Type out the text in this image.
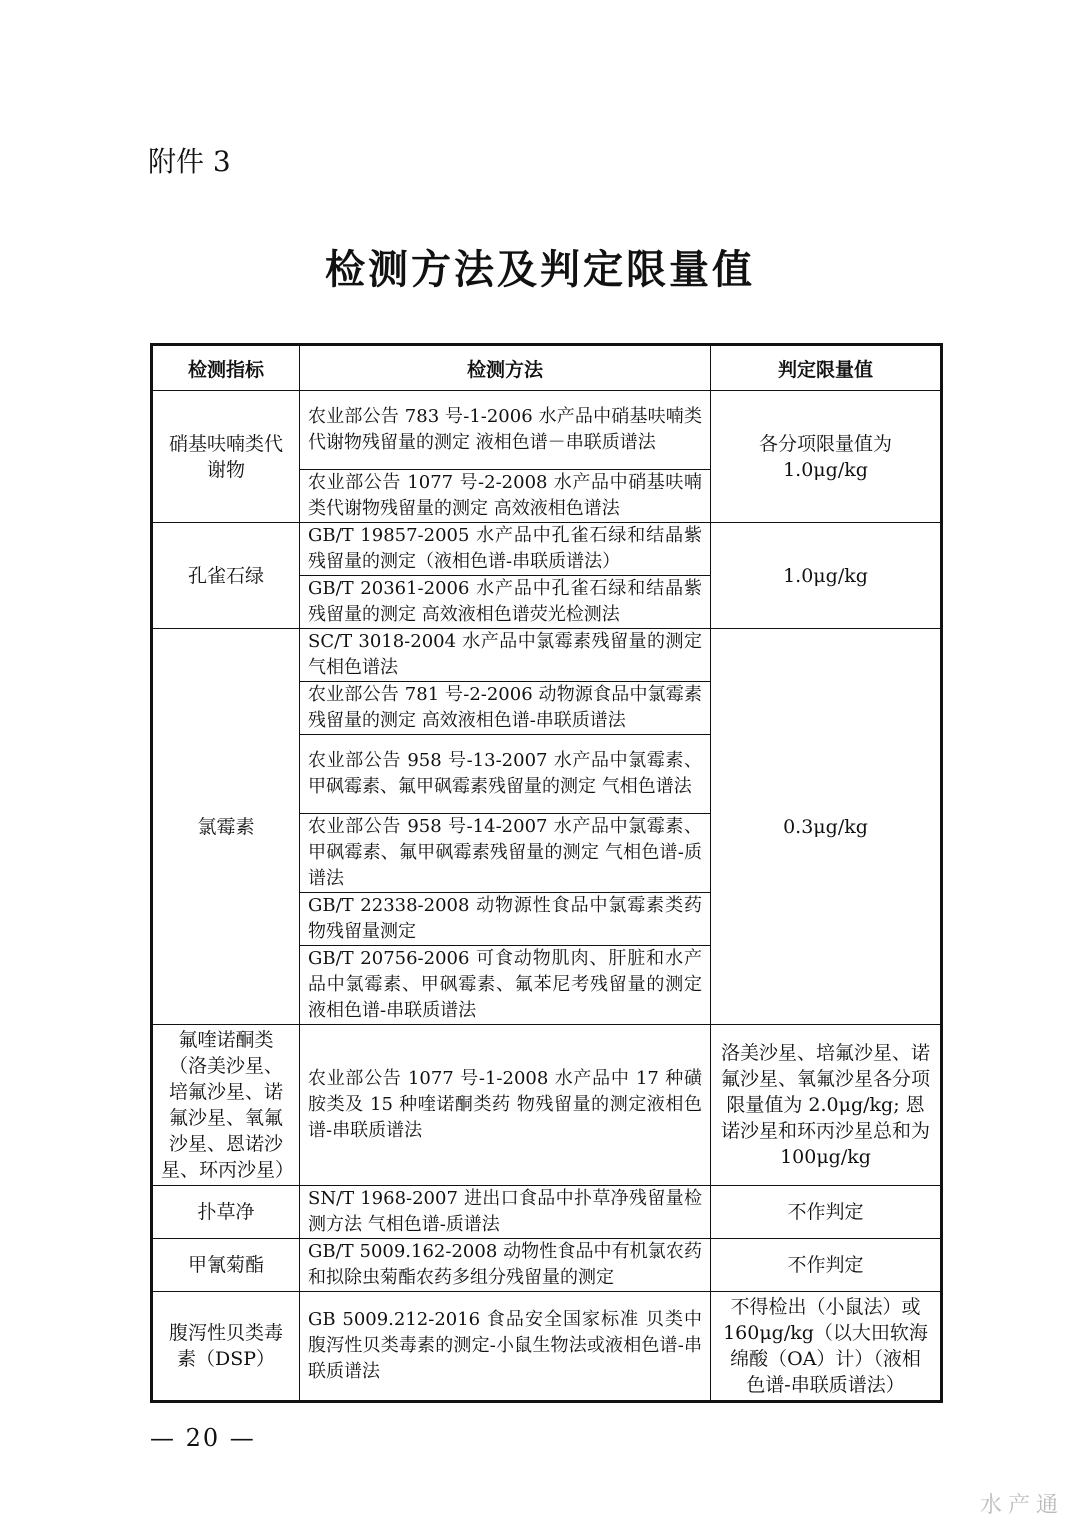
附件 3
检测方法及判定限量值
检测指标	检测方法	判定限量值
硝基呋喃类代谢物	农业部公告 783 号-1-2006 水产品中硝基呋喃类代谢物残留量的测定 液相色谱－串联质谱法	各分项限量值为 1.0μg/kg
	农业部公告 1077 号-2-2008 水产品中硝基呋喃类代谢物残留量的测定 高效液相色谱法	
孔雀石绿	GB/T 19857-2005 水产品中孔雀石绿和结晶紫残留量的测定（液相色谱-串联质谱法）	1.0μg/kg
	GB/T 20361-2006 水产品中孔雀石绿和结晶紫残留量的测定 高效液相色谱荧光检测法	
氯霉素	SC/T 3018-2004 水产品中氯霉素残留量的测定 气相色谱法	0.3μg/kg
	农业部公告 781 号-2-2006 动物源食品中氯霉素残留量的测定 高效液相色谱-串联质谱法	
	农业部公告 958 号-13-2007 水产品中氯霉素、甲砜霉素、氟甲砜霉素残留量的测定 气相色谱法	
	农业部公告 958 号-14-2007 水产品中氯霉素、甲砜霉素、氟甲砜霉素残留量的测定 气相色谱-质谱法	
	GB/T 22338-2008 动物源性食品中氯霉素类药物残留量测定	
	GB/T 20756-2006 可食动物肌肉、肝脏和水产品中氯霉素、甲砜霉素、氟苯尼考残留量的测定 液相色谱-串联质谱法	
氟喹诺酮类（洛美沙星、培氟沙星、诺氟沙星、氧氟沙星、恩诺沙星、环丙沙星）	农业部公告 1077 号-1-2008 水产品中 17 种磺胺类及 15 种喹诺酮类药 物残留量的测定液相色谱-串联质谱法	洛美沙星、培氟沙星、诺氟沙星、氧氟沙星各分项限量值为 2.0μg/kg; 恩诺沙星和环丙沙星总和为 100μg/kg
扑草净	SN/T 1968-2007 进出口食品中扑草净残留量检测方法 气相色谱-质谱法	不作判定
甲氰菊酯	GB/T 5009.162-2008 动物性食品中有机氯农药和拟除虫菊酯农药多组分残留量的测定	不作判定
腹泻性贝类毒素（DSP）	GB 5009.212-2016 食品安全国家标准 贝类中腹泻性贝类毒素的测定-小鼠生物法或液相色谱-串联质谱法	不得检出（小鼠法）或 160μg/kg（以大田软海绵酸（OA）计）（液相色谱-串联质谱法）
— 20 —
水产通
